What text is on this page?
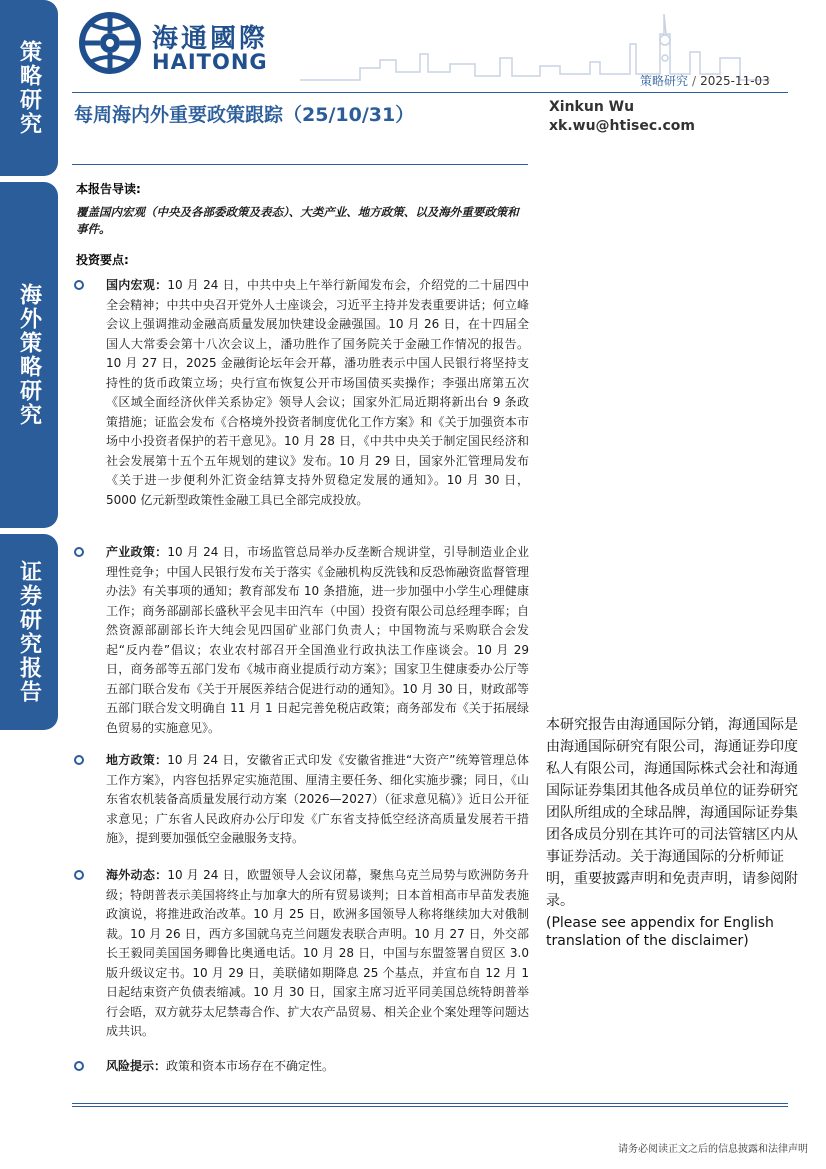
策略研究
海外策略研究
证券研究报告
海通國際
HAITONG
策略研究 / 2025-11-03
每周海内外重要政策跟踪（25/10/31）	Xinkun Wu
xk.wu@htisec.com
本报告导读:
覆盖国内宏观（中央及各部委政策及表态）、大类产业、地方政策、以及海外重要政策和事件。
投资要点:
国内宏观：10 月 24 日，中共中央上午举行新闻发布会，介绍党的二十届四中全会精神；中共中央召开党外人士座谈会，习近平主持并发表重要讲话；何立峰会议上强调推动金融高质量发展加快建设金融强国。10 月 26 日，在十四届全国人大常委会第十八次会议上，潘功胜作了国务院关于金融工作情况的报告。10 月 27 日，2025 金融街论坛年会开幕，潘功胜表示中国人民银行将坚持支持性的货币政策立场；央行宣布恢复公开市场国债买卖操作；李强出席第五次《区域全面经济伙伴关系协定》领导人会议；国家外汇局近期将新出台 9 条政策措施；证监会发布《合格境外投资者制度优化工作方案》和《关于加强资本市场中小投资者保护的若干意见》。10 月 28 日，《中共中央关于制定国民经济和社会发展第十五个五年规划的建议》发布。10 月 29 日，国家外汇管理局发布《关于进一步便利外汇资金结算支持外贸稳定发展的通知》。10 月 30 日，5000 亿元新型政策性金融工具已全部完成投放。
产业政策：10 月 24 日，市场监管总局举办反垄断合规讲堂，引导制造业企业理性竞争；中国人民银行发布关于落实《金融机构反洗钱和反恐怖融资监督管理办法》有关事项的通知；教育部发布 10 条措施，进一步加强中小学生心理健康工作；商务部副部长盛秋平会见丰田汽车（中国）投资有限公司总经理李晖；自然资源部副部长许大纯会见四国矿业部门负责人；中国物流与采购联合会发起“反内卷”倡议；农业农村部召开全国渔业行政执法工作座谈会。10 月 29 日，商务部等五部门发布《城市商业提质行动方案》；国家卫生健康委办公厅等五部门联合发布《关于开展医养结合促进行动的通知》。10 月 30 日，财政部等五部门联合发文明确自 11 月 1 日起完善免税店政策；商务部发布《关于拓展绿色贸易的实施意见》。
地方政策：10 月 24 日，安徽省正式印发《安徽省推进“大资产”统筹管理总体工作方案》，内容包括界定实施范围、厘清主要任务、细化实施步骤；同日，《山东省农机装备高质量发展行动方案（2026—2027）（征求意见稿）》近日公开征求意见；广东省人民政府办公厅印发《广东省支持低空经济高质量发展若干措施》，提到要加强低空金融服务支持。
海外动态：10 月 24 日，欧盟领导人会议闭幕，聚焦乌克兰局势与欧洲防务升级；特朗普表示美国将终止与加拿大的所有贸易谈判；日本首相高市早苗发表施政演说，将推进政治改革。10 月 25 日，欧洲多国领导人称将继续加大对俄制裁。10 月 26 日，西方多国就乌克兰问题发表联合声明。10 月 27 日，外交部长王毅同美国国务卿鲁比奥通电话。10 月 28 日，中国与东盟签署自贸区 3.0 版升级议定书。10 月 29 日，美联储如期降息 25 个基点，并宣布自 12 月 1 日起结束资产负债表缩减。10 月 30 日，国家主席习近平同美国总统特朗普举行会晤，双方就芬太尼禁毒合作、扩大农产品贸易、相关企业个案处理等问题达成共识。
风险提示：政策和资本市场存在不确定性。
本研究报告由海通国际分销，海通国际是由海通国际研究有限公司，海通证券印度私人有限公司，海通国际株式会社和海通国际证券集团其他各成员单位的证券研究团队所组成的全球品牌，海通国际证券集团各成员分别在其许可的司法管辖区内从事证券活动。关于海通国际的分析师证明，重要披露声明和免责声明，请参阅附录。
(Please see appendix for English translation of the disclaimer)
请务必阅读正文之后的信息披露和法律声明
